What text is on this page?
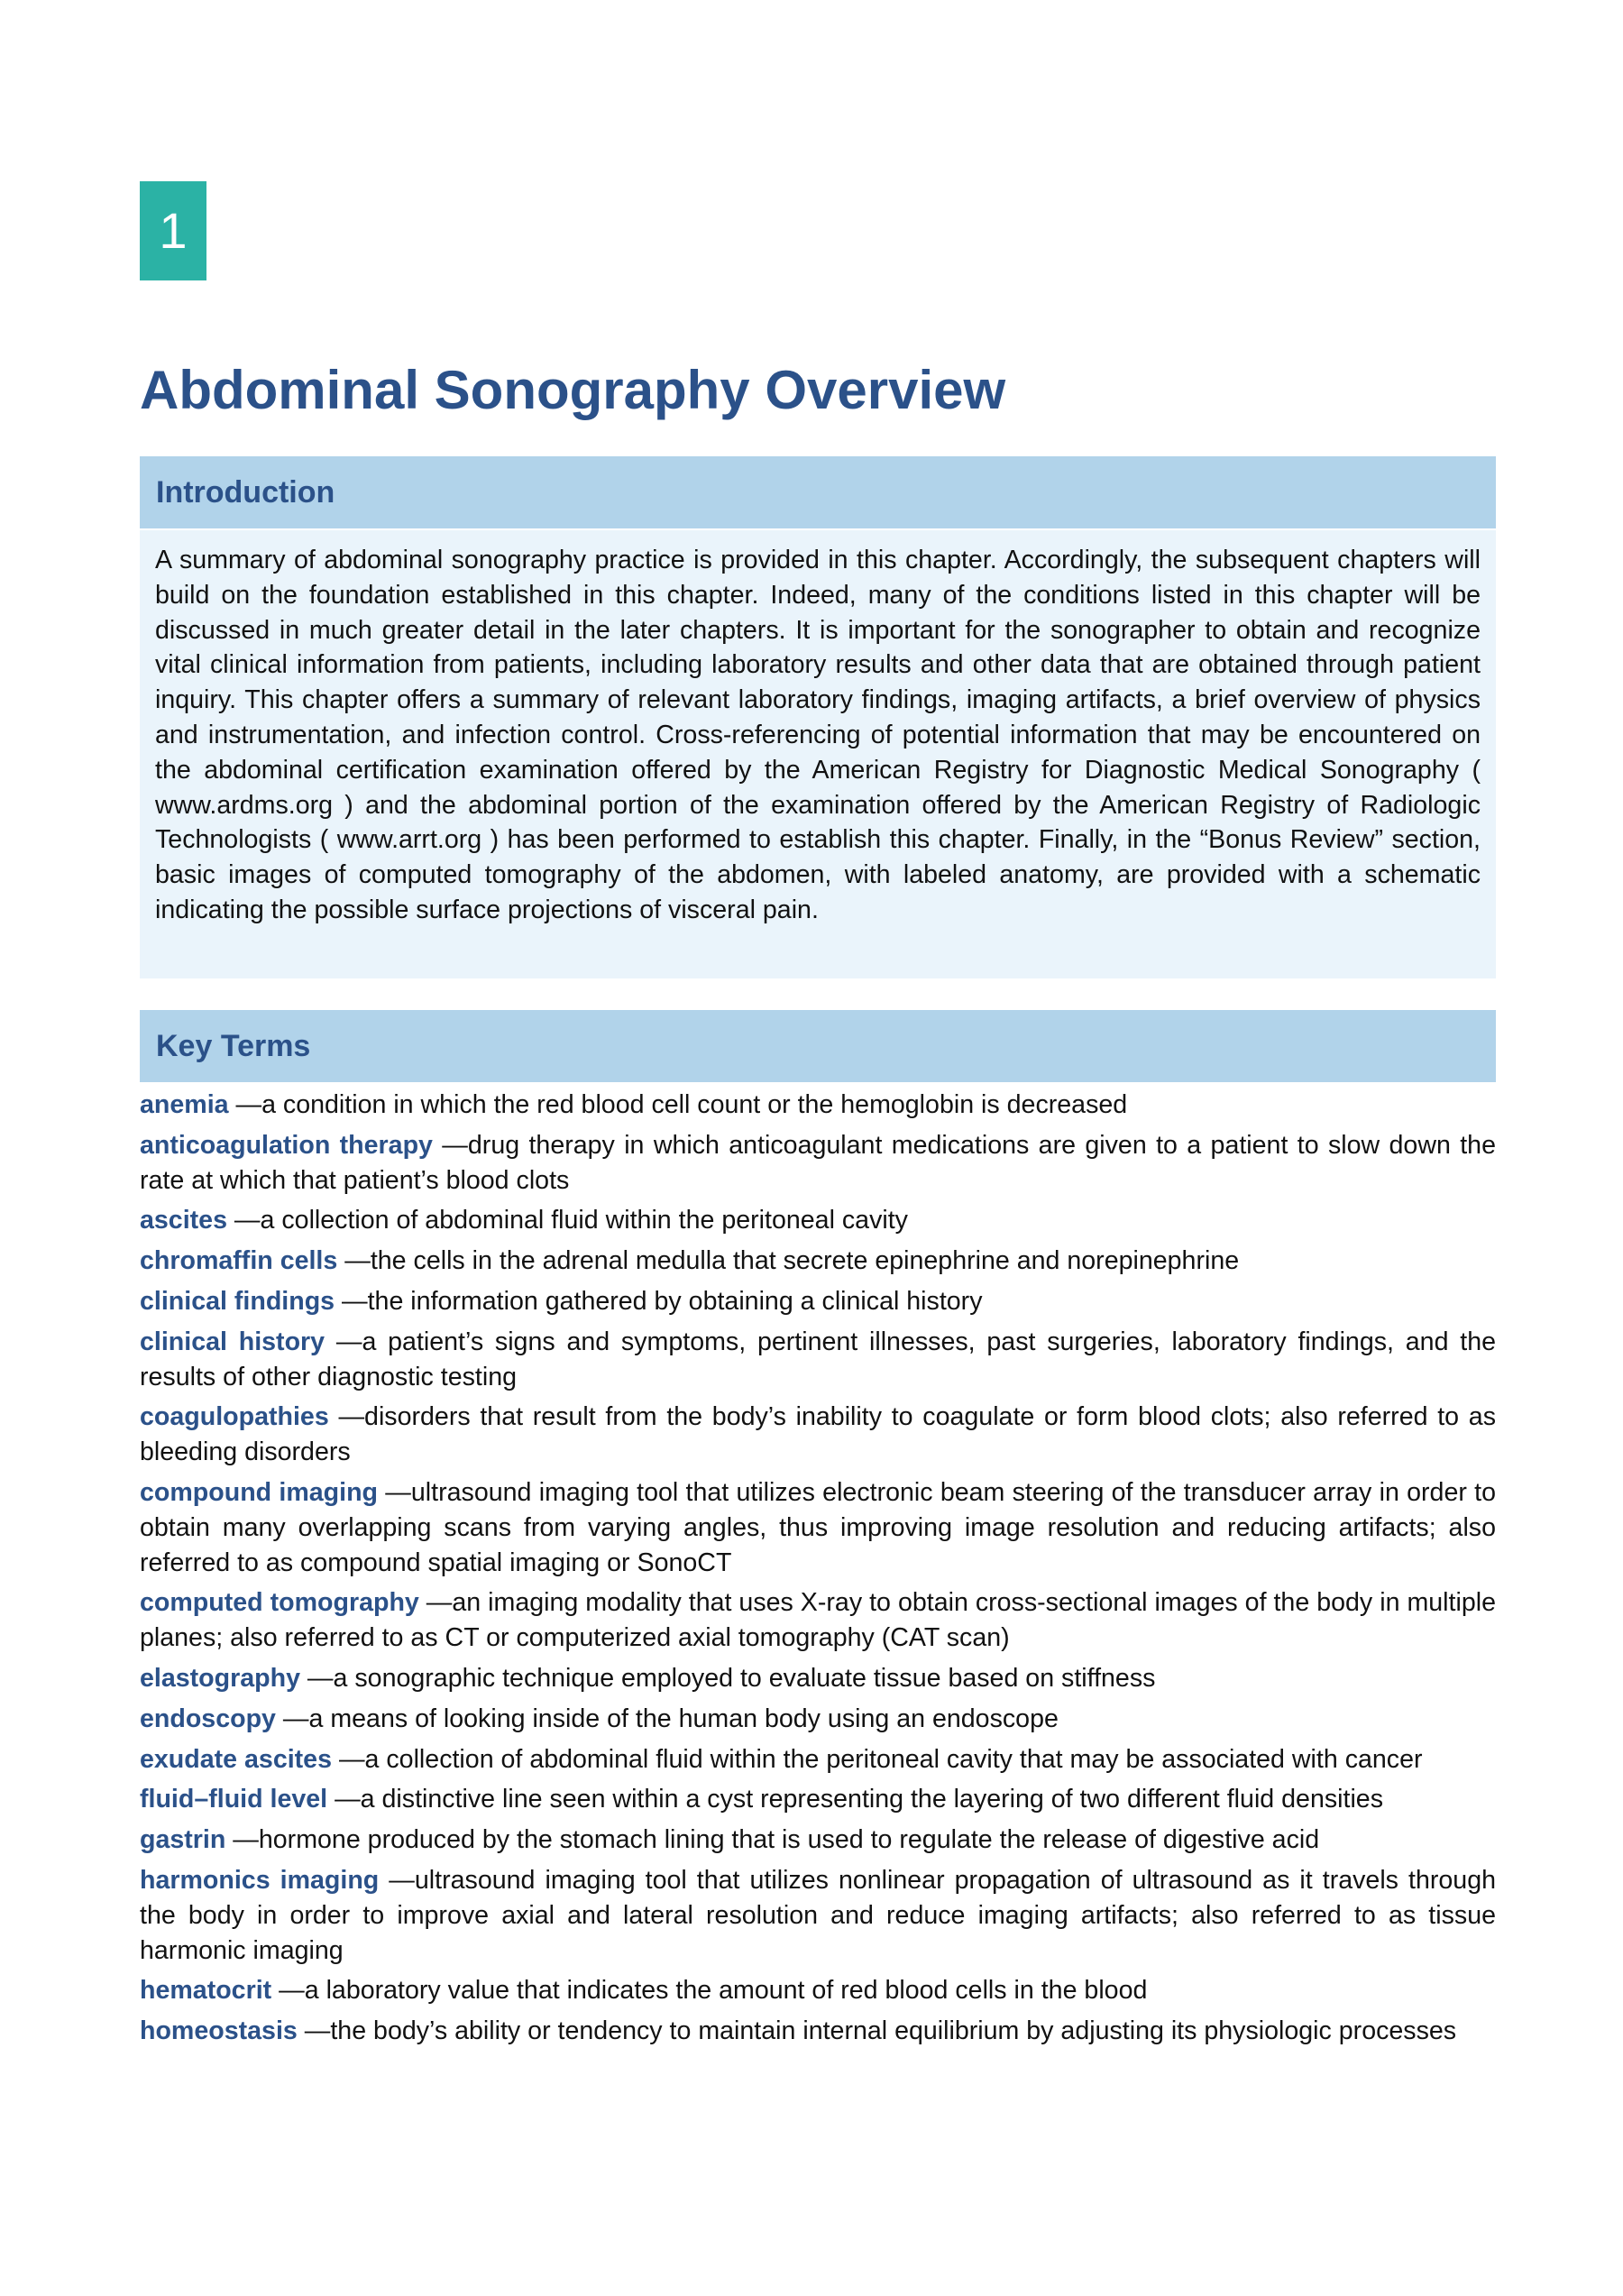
1
Abdominal Sonography Overview
Introduction
A summary of abdominal sonography practice is provided in this chapter. Accordingly, the subsequent chapters will build on the foundation established in this chapter. Indeed, many of the conditions listed in this chapter will be discussed in much greater detail in the later chapters. It is important for the sonographer to obtain and recognize vital clinical information from patients, including laboratory results and other data that are obtained through patient inquiry. This chapter offers a summary of relevant laboratory findings, imaging artifacts, a brief overview of physics and instrumentation, and infection control. Cross-referencing of potential information that may be encountered on the abdominal certification examination offered by the American Registry for Diagnostic Medical Sonography ( www.ardms.org ) and the abdominal portion of the examination offered by the American Registry of Radiologic Technologists ( www.arrt.org ) has been performed to establish this chapter. Finally, in the “Bonus Review” section, basic images of computed tomography of the abdomen, with labeled anatomy, are provided with a schematic indicating the possible surface projections of visceral pain.
Key Terms
anemia —a condition in which the red blood cell count or the hemoglobin is decreased
anticoagulation therapy —drug therapy in which anticoagulant medications are given to a patient to slow down the rate at which that patient’s blood clots
ascites —a collection of abdominal fluid within the peritoneal cavity
chromaffin cells —the cells in the adrenal medulla that secrete epinephrine and norepinephrine
clinical findings —the information gathered by obtaining a clinical history
clinical history —a patient’s signs and symptoms, pertinent illnesses, past surgeries, laboratory findings, and the results of other diagnostic testing
coagulopathies —disorders that result from the body’s inability to coagulate or form blood clots; also referred to as bleeding disorders
compound imaging —ultrasound imaging tool that utilizes electronic beam steering of the transducer array in order to obtain many overlapping scans from varying angles, thus improving image resolution and reducing artifacts; also referred to as compound spatial imaging or SonoCT
computed tomography —an imaging modality that uses X-ray to obtain cross-sectional images of the body in multiple planes; also referred to as CT or computerized axial tomography (CAT scan)
elastography —a sonographic technique employed to evaluate tissue based on stiffness
endoscopy —a means of looking inside of the human body using an endoscope
exudate ascites —a collection of abdominal fluid within the peritoneal cavity that may be associated with cancer
fluid–fluid level —a distinctive line seen within a cyst representing the layering of two different fluid densities
gastrin —hormone produced by the stomach lining that is used to regulate the release of digestive acid
harmonics imaging —ultrasound imaging tool that utilizes nonlinear propagation of ultrasound as it travels through the body in order to improve axial and lateral resolution and reduce imaging artifacts; also referred to as tissue harmonic imaging
hematocrit —a laboratory value that indicates the amount of red blood cells in the blood
homeostasis —the body’s ability or tendency to maintain internal equilibrium by adjusting its physiologic processes
